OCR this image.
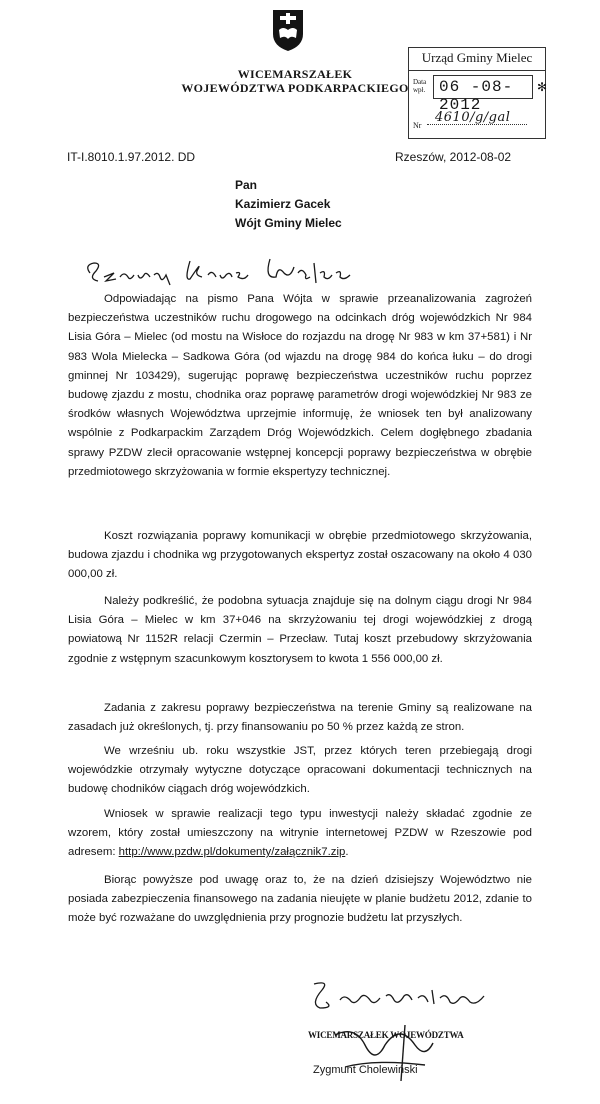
WICEMARSZAŁEK
WOJEWÓDZTWA PODKARPACKIEGO
Urząd Gminy Mielec
Data
wpł. 06 -08- 2012
✻
Nr
4610/g/gal
IT-I.8010.1.97.2012. DD	Rzeszów, 2012-08-02
Pan
Kazimierz Gacek
Wójt Gminy Mielec

Odpowiadając na pismo Pana Wójta w sprawie przeanalizowania zagrożeń bezpieczeństwa uczestników ruchu drogowego na odcinkach dróg wojewódzkich Nr 984 Lisia Góra – Mielec (od mostu na Wisłoce do rozjazdu na drogę Nr 983 w km 37+581) i Nr 983 Wola Mielecka – Sadkowa Góra (od wjazdu na drogę 984 do końca łuku – do drogi gminnej Nr 103429), sugerując poprawę bezpieczeństwa uczestników ruchu poprzez budowę zjazdu z mostu, chodnika oraz poprawę parametrów drogi wojewódzkiej Nr 983 ze środków własnych Województwa uprzejmie informuję, że wniosek ten był analizowany wspólnie z Podkarpackim Zarządem Dróg Wojewódzkich. Celem dogłębnego zbadania sprawy PZDW zlecił opracowanie wstępnej koncepcji poprawy bezpieczeństwa w obrębie przedmiotowego skrzyżowania w formie ekspertyzy technicznej.

Koszt rozwiązania poprawy komunikacji w obrębie przedmiotowego skrzyżowania, budowa zjazdu i chodnika wg przygotowanych ekspertyz został oszacowany na około 4 030 000,00 zł.

Należy podkreślić, że podobna sytuacja znajduje się na dolnym ciągu drogi Nr 984 Lisia Góra – Mielec w km 37+046 na skrzyżowaniu tej drogi wojewódzkiej z drogą powiatową Nr 1152R relacji Czermin – Przecław. Tutaj koszt przebudowy skrzyżowania zgodnie z wstępnym szacunkowym kosztorysem to kwota 1 556 000,00 zł.

Zadania z zakresu poprawy bezpieczeństwa na terenie Gminy są realizowane na zasadach już określonych, tj. przy finansowaniu po 50 % przez każdą ze stron.

We wrześniu ub. roku wszystkie JST, przez których teren przebiegają drogi wojewódzkie otrzymały wytyczne dotyczące opracowani dokumentacji technicznych na budowę chodników ciągach dróg wojewódzkich.

Wniosek w sprawie realizacji tego typu inwestycji należy składać zgodnie ze wzorem, który został umieszczony na witrynie internetowej PZDW w Rzeszowie pod adresem: http://www.pzdw.pl/dokumenty/załącznik7.zip.

Biorąc powyższe pod uwagę oraz to, że na dzień dzisiejszy Województwo nie posiada zabezpieczenia finansowego na zadania nieujęte w planie budżetu 2012, zdanie to może być rozważane do uwzględnienia przy prognozie budżetu lat przyszłych.

WICEMARSZAŁEK WOJEWÓDZTWA
Zygmunt Cholewiński
